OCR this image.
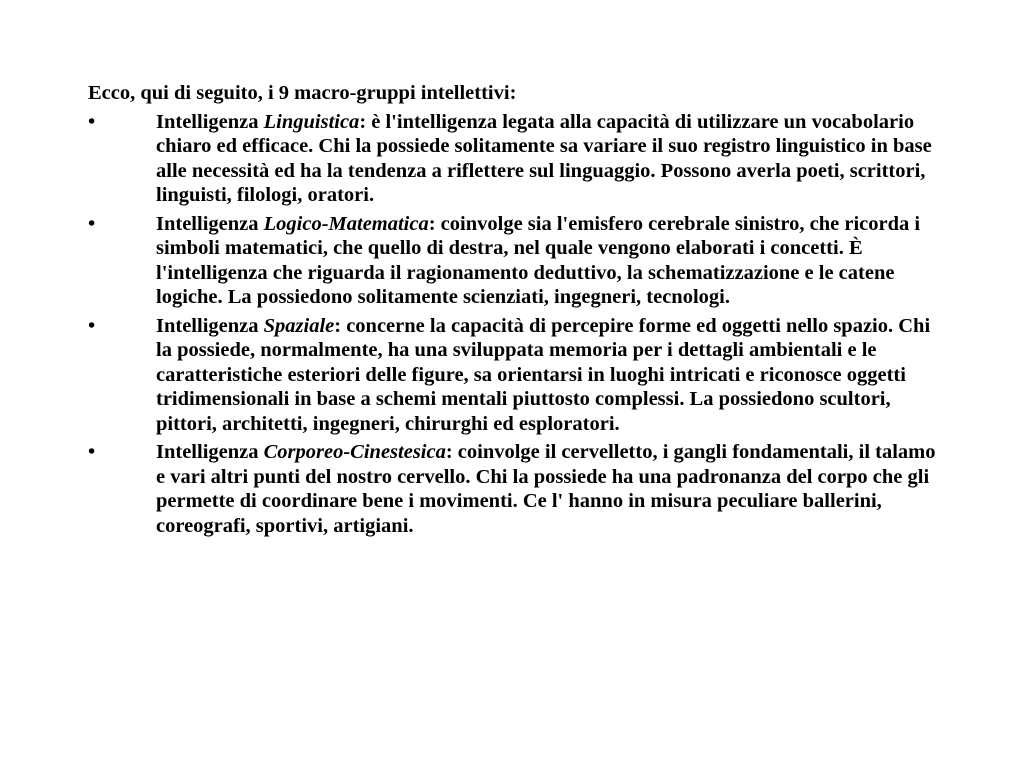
Ecco, qui di seguito, i 9 macro-gruppi intellettivi:

•	Intelligenza Linguistica: è l'intelligenza legata alla capacità di utilizzare un vocabolario chiaro ed efficace. Chi la possiede solitamente sa variare il suo registro linguistico in base alle necessità ed ha la tendenza a riflettere sul linguaggio. Possono averla poeti, scrittori, linguisti, filologi, oratori.
•	Intelligenza Logico-Matematica: coinvolge sia l'emisfero cerebrale sinistro, che ricorda i simboli matematici, che quello di destra, nel quale vengono elaborati i concetti. È l'intelligenza che riguarda il ragionamento deduttivo, la schematizzazione e le catene logiche. La possiedono solitamente scienziati, ingegneri, tecnologi.
•	Intelligenza Spaziale: concerne la capacità di percepire forme ed oggetti nello spazio. Chi la possiede, normalmente, ha una sviluppata memoria per i dettagli ambientali e le caratteristiche esteriori delle figure, sa orientarsi in luoghi intricati e riconosce oggetti tridimensionali in base a schemi mentali piuttosto complessi. La possiedono scultori, pittori, architetti, ingegneri, chirurghi ed esploratori.
•	Intelligenza Corporeo-Cinestesica: coinvolge il cervelletto, i gangli fondamentali, il talamo e vari altri punti del nostro cervello. Chi la possiede ha una padronanza del corpo che gli permette di coordinare bene i movimenti. Ce l' hanno in misura peculiare ballerini, coreografi, sportivi, artigiani.
